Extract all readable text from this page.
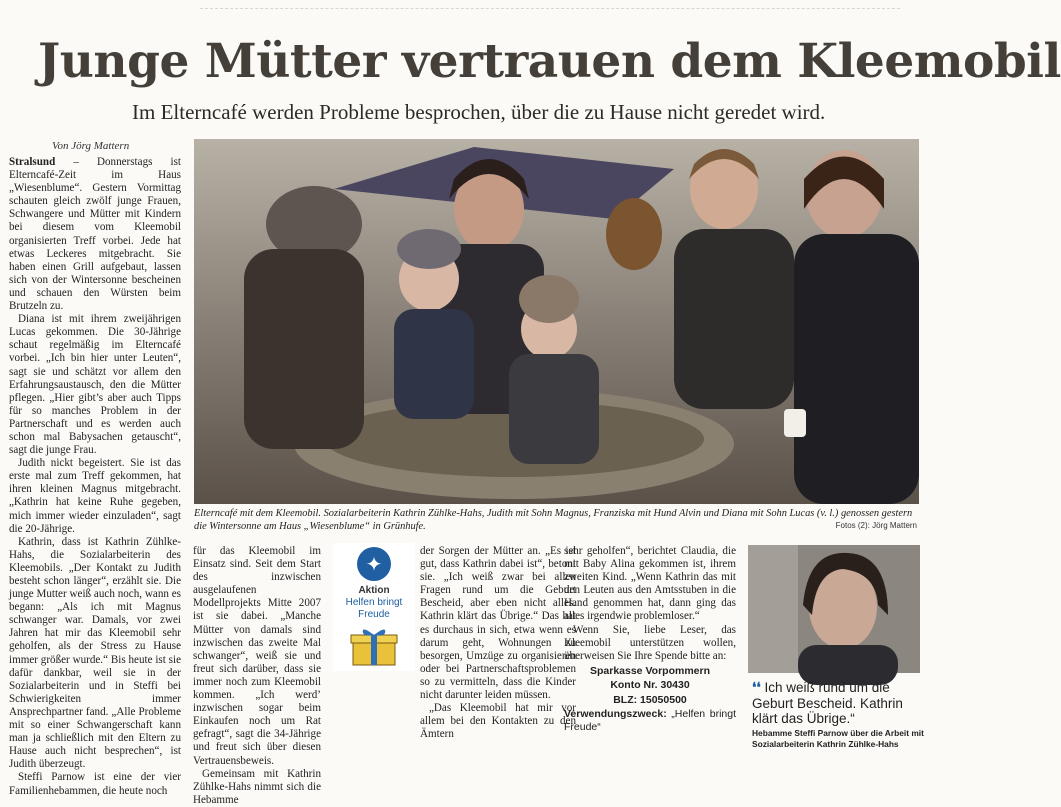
Junge Mütter vertrauen dem Kleemobil
Im Elterncafé werden Probleme besprochen, über die zu Hause nicht geredet wird.
Von Jörg Mattern

Stralsund – Donnerstags ist Elterncafé-Zeit im Haus „Wiesenblume“. Gestern Vormittag schauten gleich zwölf junge Frauen, Schwangere und Mütter mit Kindern bei diesem vom Kleemobil organisierten Treff vorbei. Jede hat etwas Leckeres mitgebracht. Sie haben einen Grill aufgebaut, lassen sich von der Wintersonne bescheinen und schauen den Würsten beim Brutzeln zu.

Diana ist mit ihrem zweijährigen Lucas gekommen. Die 30-Jährige schaut regelmäßig im Elterncafé vorbei. „Ich bin hier unter Leuten“, sagt sie und schätzt vor allem den Erfahrungsaustausch, den die Mütter pflegen. „Hier gibt’s aber auch Tipps für so manches Problem in der Partnerschaft und es werden auch schon mal Babysachen getauscht“, sagt die junge Frau.

Judith nickt begeistert. Sie ist das erste mal zum Treff gekommen, hat ihren kleinen Magnus mitgebracht. „Kathrin hat keine Ruhe gegeben, mich immer wieder einzuladen“, sagt die 20-Jährige.

Kathrin, dass ist Kathrin Zühlke-Hahs, die Sozialarbeiterin des Kleemobils. „Der Kontakt zu Judith besteht schon länger“, erzählt sie. Die junge Mutter weiß auch noch, wann es begann: „Als ich mit Magnus schwanger war. Damals, vor zwei Jahren hat mir das Kleemobil sehr geholfen, als der Stress zu Hause immer größer wurde.“ Bis heute ist sie dafür dankbar, weil sie in der Sozialarbeiterin und in Steffi bei Schwierigkeiten immer Ansprechpartner fand. „Alle Probleme mit so einer Schwangerschaft kann man ja schließlich mit den Eltern zu Hause auch nicht besprechen“, ist Judith überzeugt.

Steffi Parnow ist eine der vier Familienhebammen, die heute noch

Elterncafé mit dem Kleemobil. Sozialarbeiterin Kathrin Zühlke-Hahs, Judith mit Sohn Magnus, Franziska mit Hund Alvin und Diana mit Sohn Lucas (v. l.) genossen gestern die Wintersonne am Haus „Wiesenblume“ in Grünhufe.	Fotos (2): Jörg Mattern

für das Kleemobil im Einsatz sind. Seit dem Start des inzwischen ausgelaufenen Modellprojekts Mitte 2007 ist sie dabei. „Manche Mütter von damals sind inzwischen das zweite Mal schwanger“, weiß sie und freut sich darüber, dass sie immer noch zum Kleemobil kommen. „Ich werd’ inzwischen sogar beim Einkaufen noch um Rat gefragt“, sagt die 34-Jährige und freut sich über diesen Vertrauensbeweis.

Gemeinsam mit Kathrin Zühlke-Hahs nimmt sich die Hebamme

✦
Aktion
Helfen bringt
Freude

der Sorgen der Mütter an. „Es ist gut, dass Kathrin dabei ist“, betont sie. „Ich weiß zwar bei allen Fragen rund um die Geburt Bescheid, aber eben nicht alles. Kathrin klärt das Übrige.“ Das hat es durchaus in sich, etwa wenn es darum geht, Wohnungen zu besorgen, Umzüge zu organisieren oder bei Partnerschaftsproblemen so zu vermitteln, dass die Kinder nicht darunter leiden müssen.

„Das Kleemobil hat mir vor allem bei den Kontakten zu den Ämtern

sehr geholfen“, berichtet Claudia, die mit Baby Alina gekommen ist, ihrem zweiten Kind. „Wenn Kathrin das mit den Leuten aus den Amtsstuben in die Hand genommen hat, dann ging das alles irgendwie problemloser.“

Wenn Sie, liebe Leser, das Kleemobil unterstützen wollen, überweisen Sie Ihre Spende bitte an:

Sparkasse Vorpommern
Konto Nr. 30430
BLZ: 15050500
Verwendungszweck: „Helfen bringt Freude“
❛❛ Ich weiß rund um die Geburt Bescheid. Kathrin klärt das Übrige.“
Hebamme Steffi Parnow über die Arbeit mit Sozialarbeiterin Kathrin Zühlke-Hahs
